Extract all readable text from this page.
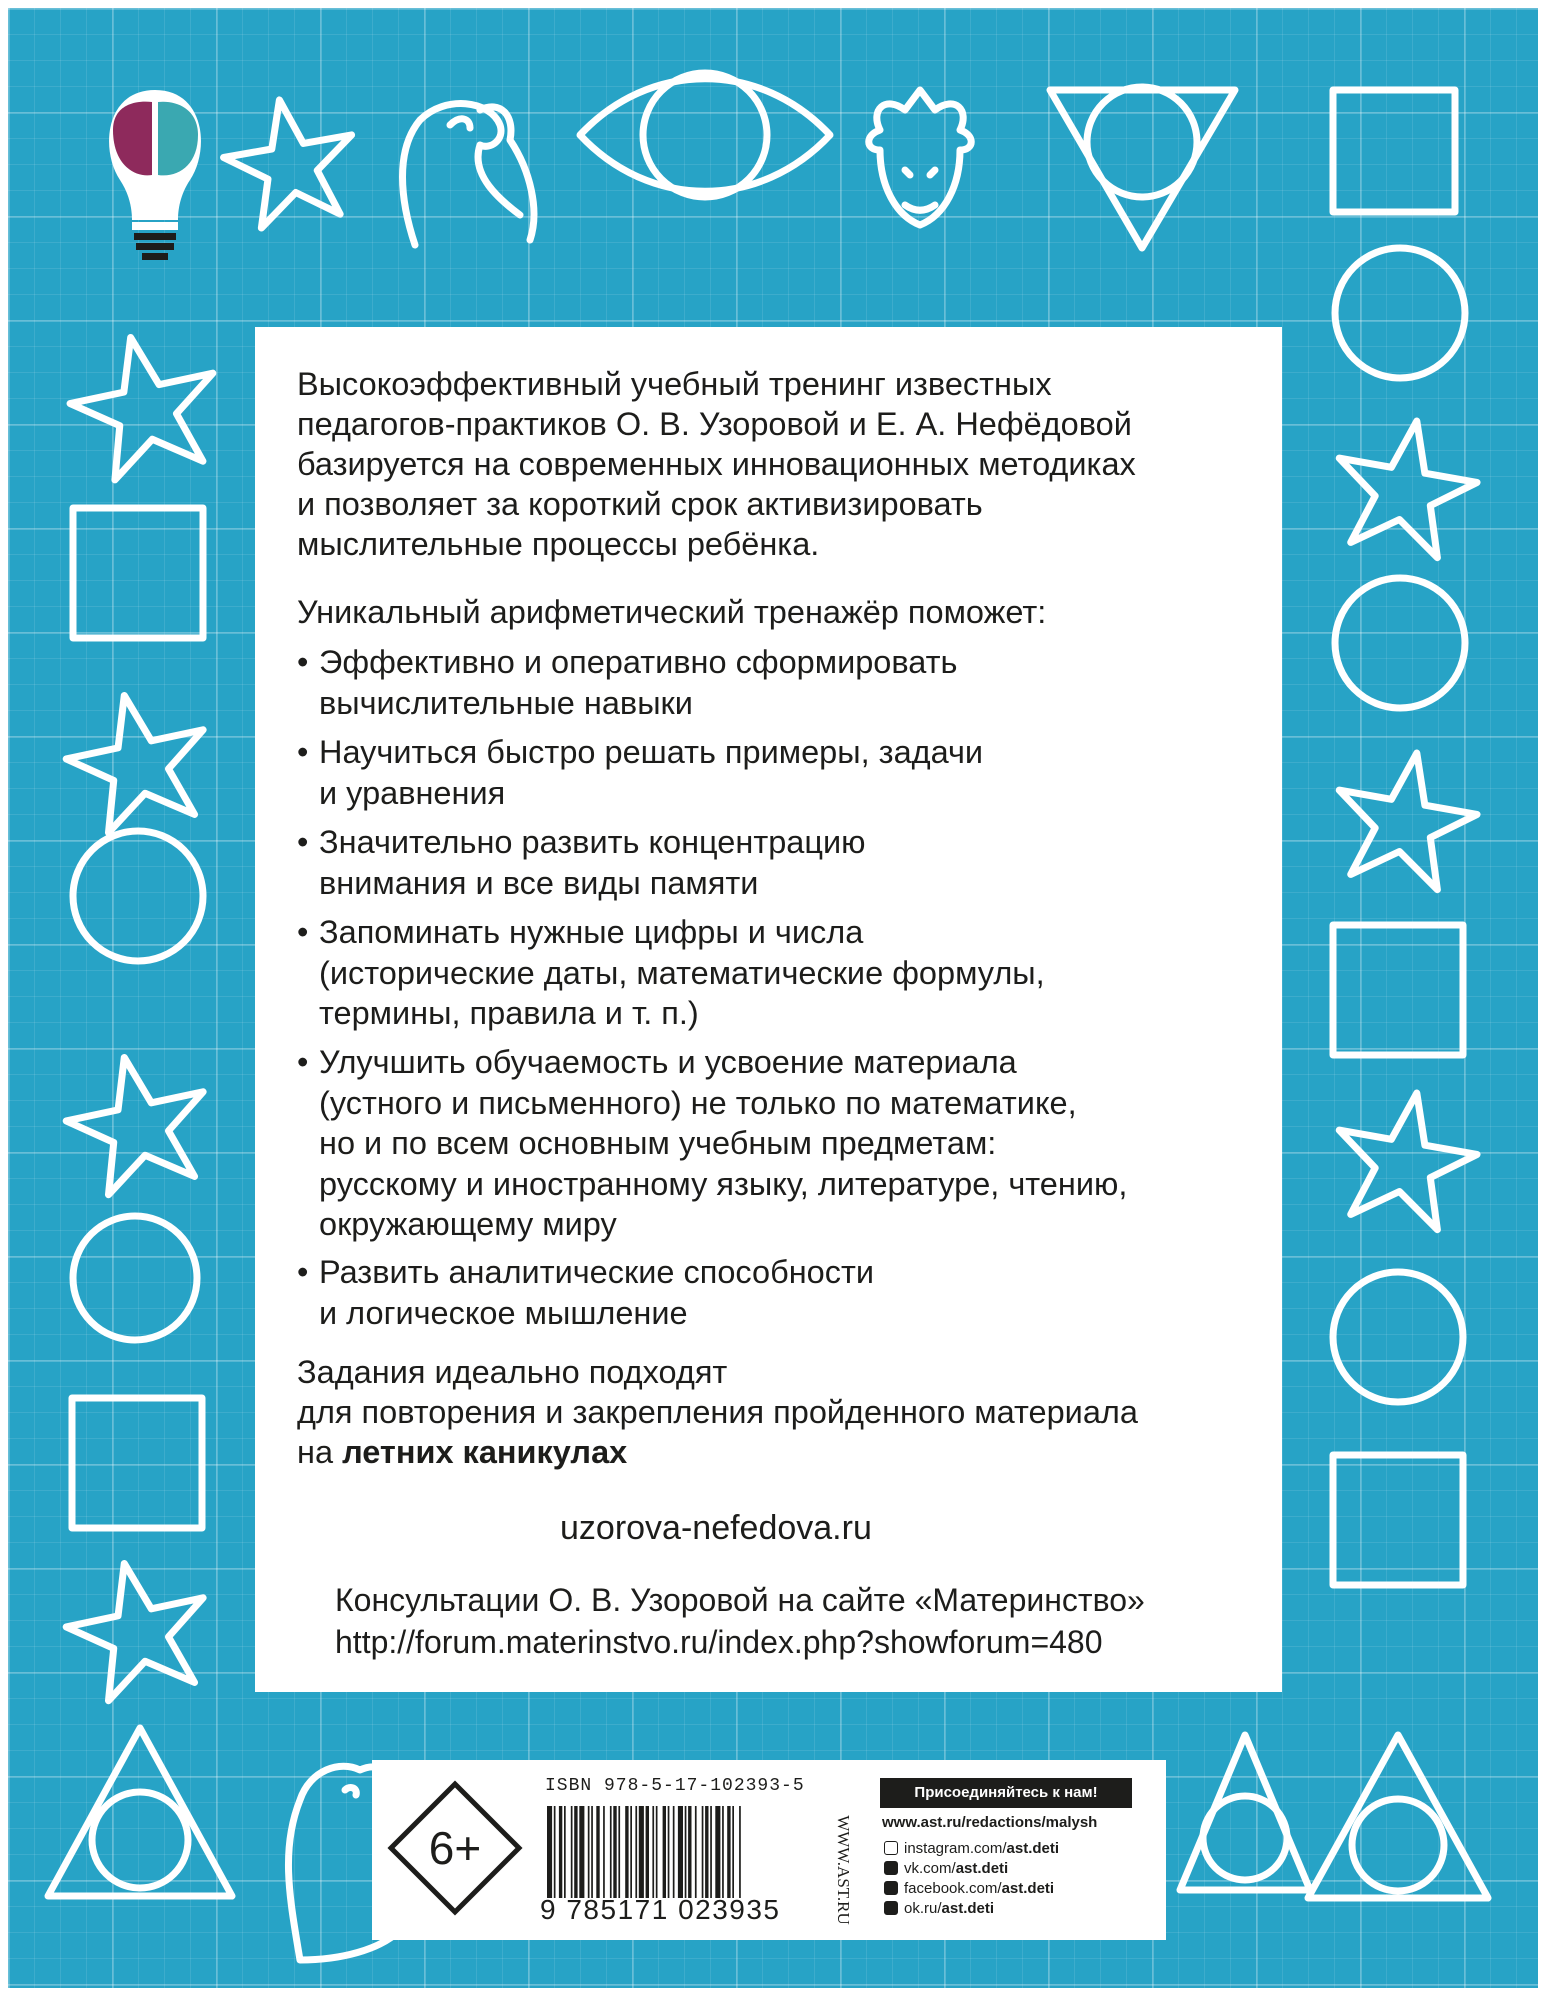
Высокоэффективный учебный тренинг известных

педагогов-практиков О. В. Узоровой и Е. А. Нефёдовой

базируется на современных инновационных методиках

и позволяет за короткий срок активизировать

мыслительные процессы ребёнка.

Уникальный арифметический тренажёр поможет:

• Эффективно и оперативно сформировать
вычислительные навыки
• Научиться быстро решать примеры, задачи
и уравнения
• Значительно развить концентрацию
внимания и все виды памяти
• Запоминать нужные цифры и числа
(исторические даты, математические формулы,
термины, правила и т. п.)
• Улучшить обучаемость и усвоение материала
(устного и письменного) не только по математике,
но и по всем основным учебным предметам:
русскому и иностранному языку, литературе, чтению,
окружающему миру
• Развить аналитические способности
и логическое мышление

Задания идеально подходят

для повторения и закрепления пройденного материала

на летних каникулах

uzorova-nefedova.ru

Консультации О. В. Узоровой на сайте «Материнство»
http://forum.materinstvo.ru/index.php?showforum=480
6+
ISBN 978-5-17-102393-5
9 785171 023935	WWW.AST.RU
Присоединяйтесь к нам!
www.ast.ru/redactions/malysh
instagram.com/ast.deti
vk.com/ast.deti
facebook.com/ast.deti
ok.ru/ast.deti
